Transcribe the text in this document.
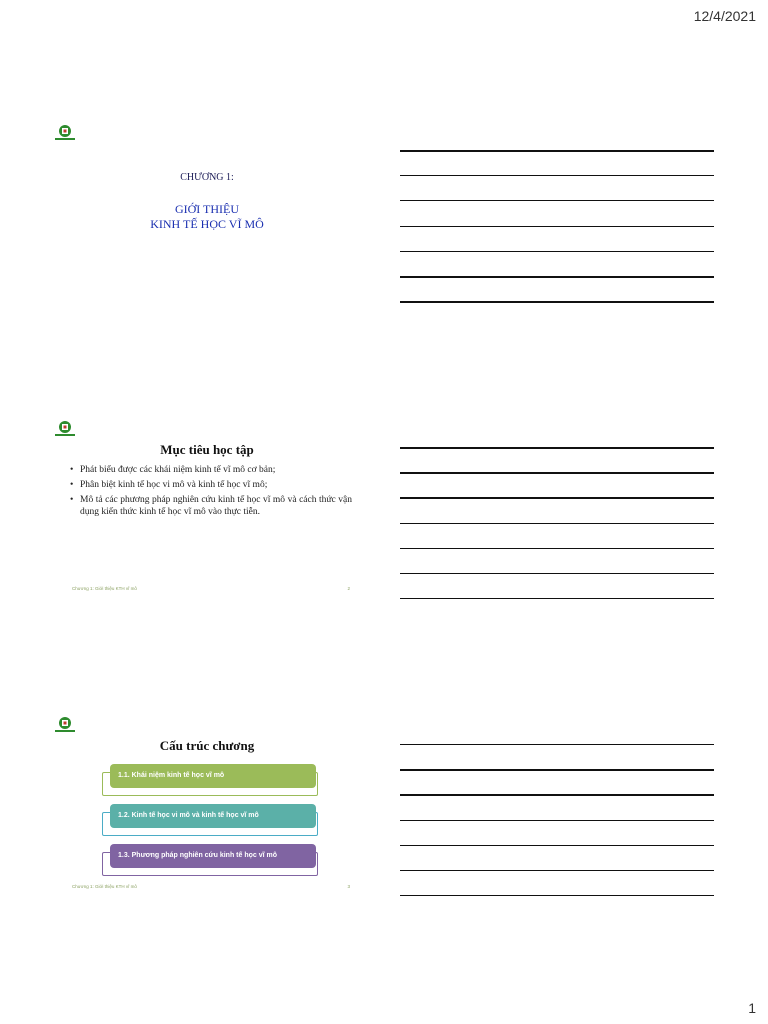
12/4/2021
CHƯƠNG 1:
GIỚI THIỆU
KINH TẾ HỌC VĨ MÔ
Mục tiêu học tập
• Phát biểu được các khái niệm kinh tế vĩ mô cơ bản;
• Phân biệt kinh tế học vi mô và kinh tế học vĩ mô;
• Mô tả các phương pháp nghiên cứu kinh tế học vĩ mô và cách thức vận dụng kiến thức kinh tế học vĩ mô vào thực tiễn.
Chương 1: Giới thiệu KTH vĩ mô	2
Cấu trúc chương
1.1. Khái niệm kinh tế học vĩ mô
1.2. Kinh tế học vi mô và kinh tế học vĩ mô
1.3. Phương pháp nghiên cứu kinh tế học vĩ mô
Chương 1: Giới thiệu KTH vĩ mô	3
1
